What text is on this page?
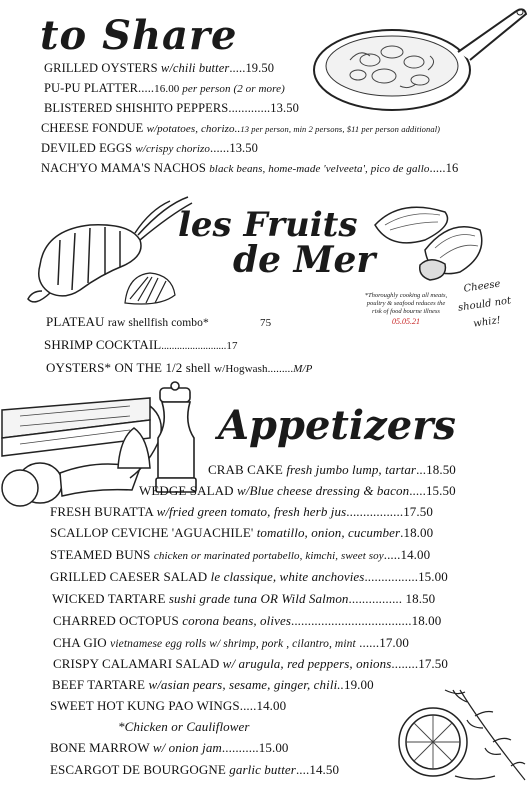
to Share
GRILLED OYSTERS w/chili butter.....19.50
PU-PU PLATTER.....16.00 per person (2 or more)
BLISTERED SHISHITO PEPPERS.............13.50
CHEESE FONDUE w/potatoes, chorizo..13 per person, min 2 persons, $11 per person additional)
DEVILED EGGS w/crispy chorizo......13.50
NACH'YO MAMA'S NACHOS black beans, home-made 'velveeta', pico de gallo.....16
les Fruits
de Mer
*Thoroughly cooking all meats, poultry & seafood reduces the risk of food bourne illness
05.05.21
Cheese
should not
whiz!
PLATEAU raw shellfish combo*	75
SHRIMP COCKTAIL.........................17
OYSTERS* ON THE 1/2 shell w/Hogwash.........M/P
Appetizers
CRAB CAKE fresh jumbo lump, tartar...18.50
WEDGE SALAD w/Blue cheese dressing & bacon.....15.50
FRESH BURATTA w/fried green tomato, fresh herb jus.................17.50
SCALLOP CEVICHE 'AGUACHILE' tomatillo, onion, cucumber.18.00
STEAMED BUNS chicken or marinated portabello, kimchi, sweet soy.....14.00
GRILLED CAESER SALAD le classique, white anchovies................15.00
WICKED TARTARE sushi grade tuna OR Wild Salmon................ 18.50
CHARRED OCTOPUS corona beans, olives....................................18.00
CHA GIO vietnamese egg rolls w/ shrimp, pork , cilantro, mint ......17.00
CRISPY CALAMARI SALAD w/ arugula, red peppers, onions........17.50
BEEF TARTARE w/asian pears, sesame, ginger, chili..19.00
SWEET HOT KUNG PAO WINGS.....14.00
*Chicken or Cauliflower
BONE MARROW w/ onion jam...........15.00
ESCARGOT DE BOURGOGNE garlic butter....14.50
